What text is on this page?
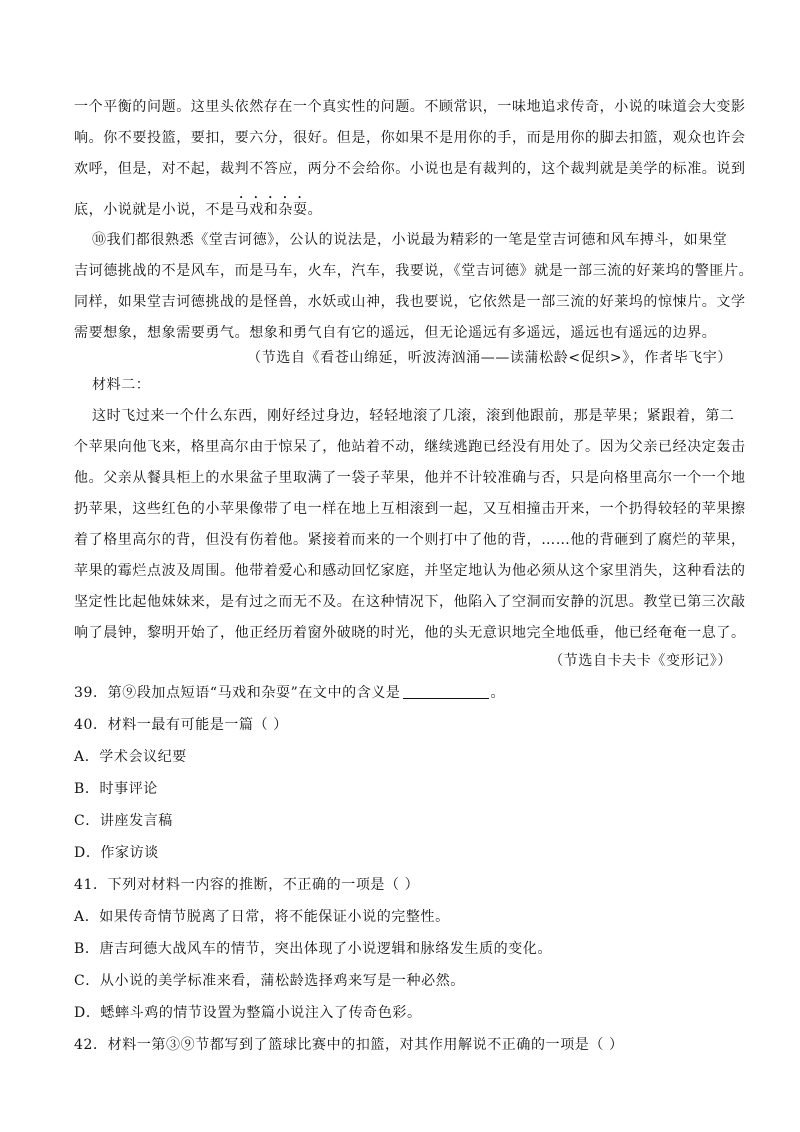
一个平衡的问题。这里头依然存在一个真实性的问题。不顾常识，一味地追求传奇，小说的味道会大变影
响。你不要投篮，要扣，要六分，很好。但是，你如果不是用你的手，而是用你的脚去扣篮，观众也许会
欢呼，但是，对不起，裁判不答应，两分不会给你。小说也是有裁判的，这个裁判就是美学的标准。说到
底，小说就是小说，不是马戏和杂耍。
⑩我们都很熟悉《堂吉诃德》，公认的说法是，小说最为精彩的一笔是堂吉诃德和风车搏斗，如果堂
吉诃德挑战的不是风车，而是马车，火车，汽车，我要说，《堂吉诃德》就是一部三流的好莱坞的警匪片。
同样，如果堂吉诃德挑战的是怪兽，水妖或山神，我也要说，它依然是一部三流的好莱坞的惊悚片。文学
需要想象，想象需要勇气。想象和勇气自有它的遥远，但无论遥远有多遥远，遥远也有遥远的边界。
（节选自《看苍山绵延，听波涛汹涌——读蒲松龄<促织>》，作者毕飞宇）
材料二：
这时飞过来一个什么东西，刚好经过身边，轻轻地滚了几滚，滚到他跟前，那是苹果；紧跟着，第二
个苹果向他飞来，格里高尔由于惊呆了，他站着不动，继续逃跑已经没有用处了。因为父亲已经决定轰击
他。父亲从餐具柜上的水果盆子里取满了一袋子苹果，他并不计较准确与否，只是向格里高尔一个一个地
扔苹果，这些红色的小苹果像带了电一样在地上互相滚到一起，又互相撞击开来，一个扔得较轻的苹果擦
着了格里高尔的背，但没有伤着他。紧接着而来的一个则打中了他的背，……他的背砸到了腐烂的苹果，
苹果的霉烂点波及周围。他带着爱心和感动回忆家庭，并坚定地认为他必须从这个家里消失，这种看法的
坚定性比起他妹妹来，是有过之而无不及。在这种情况下，他陷入了空洞而安静的沉思。教堂已第三次敲
响了晨钟，黎明开始了，他正经历着窗外破晓的时光，他的头无意识地完全地低垂，他已经奄奄一息了。
（节选自卡夫卡《变形记》）
39．第⑨段加点短语“马戏和杂耍”在文中的含义是	。
40．材料一最有可能是一篇（ ）
A．学术会议纪要
B．时事评论
C．讲座发言稿
D．作家访谈
41．下列对材料一内容的推断，不正确的一项是（ ）
A．如果传奇情节脱离了日常，将不能保证小说的完整性。
B．唐吉珂德大战风车的情节，突出体现了小说逻辑和脉络发生质的变化。
C．从小说的美学标准来看，蒲松龄选择鸡来写是一种必然。
D．蟋蟀斗鸡的情节设置为整篇小说注入了传奇色彩。
42．材料一第③⑨节都写到了篮球比赛中的扣篮，对其作用解说不正确的一项是（ ）
